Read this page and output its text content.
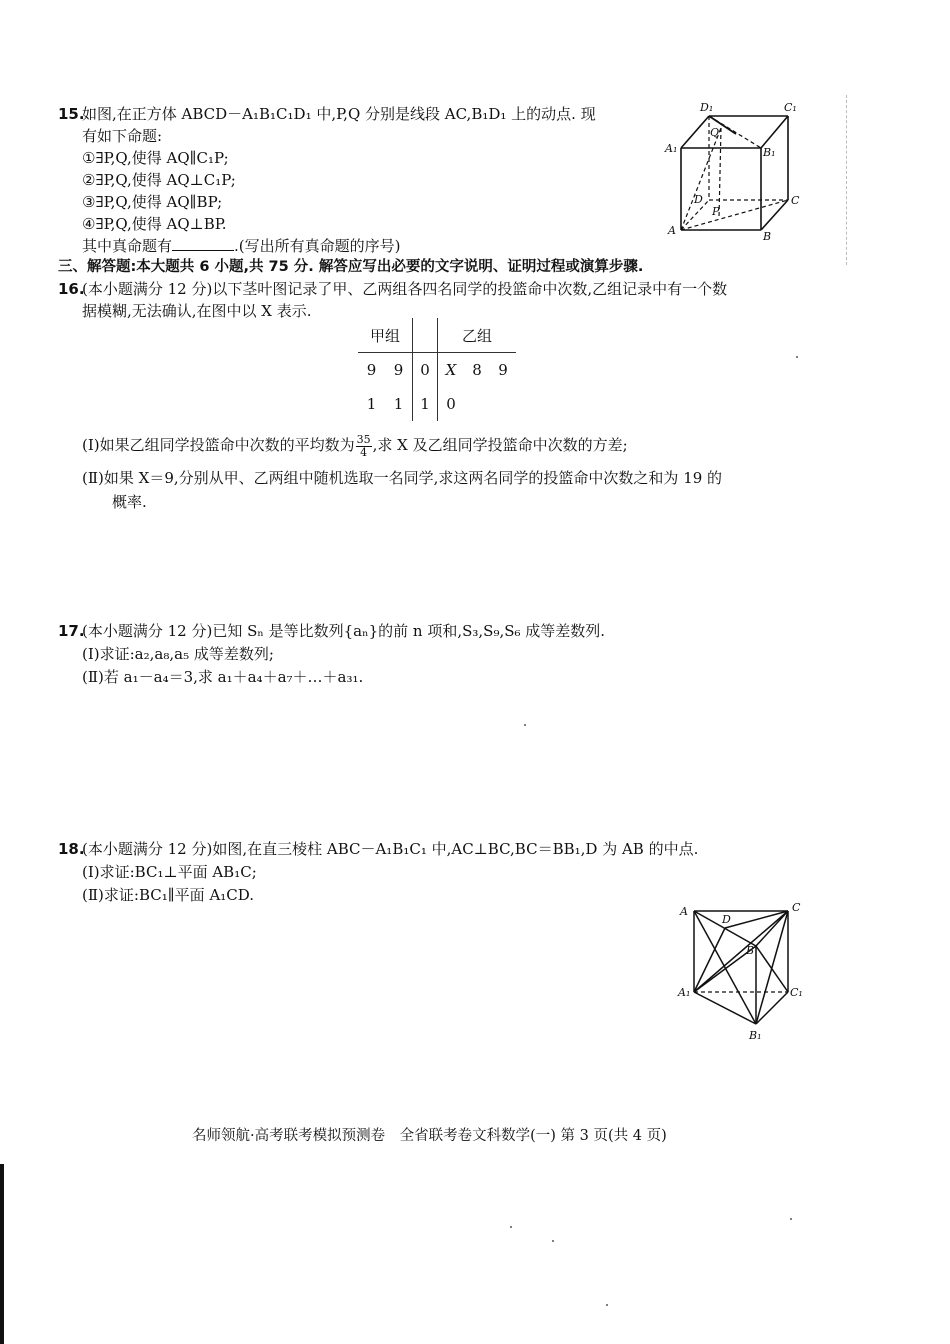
15.
如图,在正方体 ABCD－A₁B₁C₁D₁ 中,P,Q 分别是线段 AC,B₁D₁ 上的动点. 现
有如下命题:
①∃P,Q,使得 AQ∥C₁P;
②∃P,Q,使得 AQ⊥C₁P;
③∃P,Q,使得 AQ∥BP;
④∃P,Q,使得 AQ⊥BP.
其中真命题有	.(写出所有真命题的序号)
D₁	C₁
A₁	B₁
Q
D	C
P
A	B
三、解答题:本大题共 6 小题,共 75 分. 解答应写出必要的文字说明、证明过程或演算步骤.
16.
(本小题满分 12 分)以下茎叶图记录了甲、乙两组各四名同学的投篮命中次数,乙组记录中有一个数
据模糊,无法确认,在图中以 X 表示.
甲组			乙组		
9	9	0	X	8	9
1	1	1	0		
(Ⅰ)如果乙组同学投篮命中次数的平均数为 $\frac{35}{4}$ ,求 X 及乙组同学投篮命中次数的方差;
(Ⅱ)如果 X＝9,分别从甲、乙两组中随机选取一名同学,求这两名同学的投篮命中次数之和为 19 的
概率.
17.
(本小题满分 12 分)已知 Sₙ 是等比数列{aₙ}的前 n 项和,S₃,S₉,S₆ 成等差数列.
(Ⅰ)求证:a₂,a₈,a₅ 成等差数列;
(Ⅱ)若 a₁－a₄＝3,求 a₁＋a₄＋a₇＋…＋a₃₁.
18.
(本小题满分 12 分)如图,在直三棱柱 ABC－A₁B₁C₁ 中,AC⊥BC,BC＝BB₁,D 为 AB 的中点.
(Ⅰ)求证:BC₁⊥平面 AB₁C;
(Ⅱ)求证:BC₁∥平面 A₁CD.
A
D
C
B
A₁	C₁
B₁
名师领航·高考联考模拟预测卷　全省联考卷文科数学(一) 第 3 页(共 4 页)
